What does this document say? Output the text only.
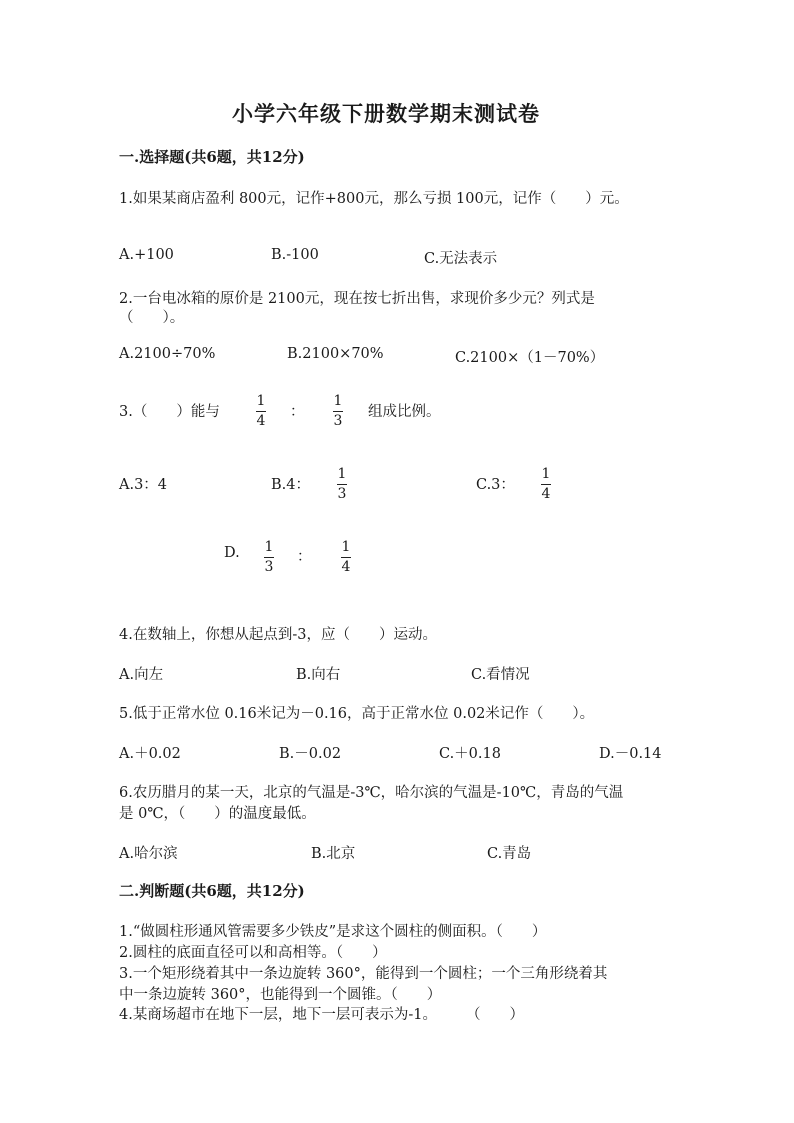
小学六年级下册数学期末测试卷
一.选择题(共6题，共12分)
1.如果某商店盈利 800元，记作+800元，那么亏损 100元，记作（　　）元。
A.+100	B.-100	C.无法表示
2.一台电冰箱的原价是 2100元，现在按七折出售，求现价多少元？列式是
（　　）。
A.2100÷70%	B.2100×70%	C.2100×（1－70%）
3.（　　）能与
1
4
：
1
3
组成比例。
A.3：4	B.4：
1
3
C.3：
1
4
D. 1
3
：
1
4
4.在数轴上，你想从起点到-3，应（　　）运动。
A.向左	B.向右	C.看情况
5.低于正常水位 0.16米记为－0.16，高于正常水位 0.02米记作（　　）。
A.＋0.02	B.－0.02	C.＋0.18	D.－0.14
6.农历腊月的某一天，北京的气温是-3℃，哈尔滨的气温是-10℃，青岛的气温
是 0℃，（　　）的温度最低。
A.哈尔滨	B.北京	C.青岛
二.判断题(共6题，共12分)
1.“做圆柱形通风管需要多少铁皮”是求这个圆柱的侧面积。（　　）
2.圆柱的底面直径可以和高相等。（　　）
3.一个矩形绕着其中一条边旋转 360°，能得到一个圆柱；一个三角形绕着其
中一条边旋转 360°，也能得到一个圆锥。（　　）
4.某商场超市在地下一层，地下一层可表示为-1。　　　（　　）
